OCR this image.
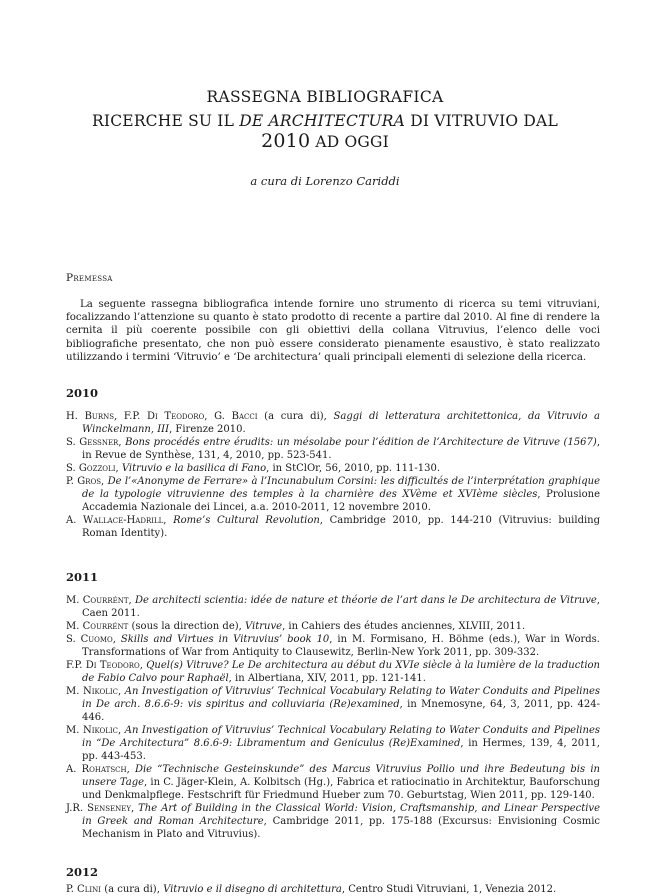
RASSEGNA BIBLIOGRAFICA
RICERCHE SU IL DE ARCHITECTURA DI VITRUVIO DAL 2010 AD OGGI
a cura di Lorenzo Cariddi
Premessa

La seguente rassegna bibliografica intende fornire uno strumento di ricerca su temi vitruviani, focalizzando l’attenzione su quanto è stato prodotto di recente a partire dal 2010. Al fine di rendere la cernita il più coerente possibile con gli obiettivi della collana Vitruvius, l’elenco delle voci bibliografiche presentato, che non può essere considerato pienamente esaustivo, è stato realizzato utilizzando i termini ‘Vitruvio’ e ‘De architectura’ quali principali elementi di selezione della ricerca.

2010
H. Burns, F.P. Di Teodoro, G. Bacci (a cura di), Saggi di letteratura architettonica, da Vitruvio a Winckelmann, III, Firenze 2010.
S. Gessner, Bons procédés entre érudits: un mésolabe pour l’édition de l’Architecture de Vitruve (1567), in Revue de Synthèse, 131, 4, 2010, pp. 523-541.
S. Gozzoli, Vitruvio e la basilica di Fano, in StClOr, 56, 2010, pp. 111-130.
P. Gros, De l’«Anonyme de Ferrare» à l’Incunabulum Corsini: les difficultés de l’interprétation graphique de la typologie vitruvienne des temples à la charnière des XVème et XVIème siècles, Prolusione Accademia Nazionale dei Lincei, a.a. 2010-2011, 12 novembre 2010.
A. Wallace-Hadrill, Rome’s Cultural Revolution, Cambridge 2010, pp. 144-210 (Vitruvius: building Roman Identity).
2011
M. Courrént, De architecti scientia: idée de nature et théorie de l’art dans le De architectura de Vitruve, Caen 2011.
M. Courrént (sous la direction de), Vitruve, in Cahiers des études anciennes, XLVIII, 2011.
S. Cuomo, Skills and Virtues in Vitruvius’ book 10, in M. Formisano, H. Böhme (eds.), War in Words. Transformations of War from Antiquity to Clausewitz, Berlin-New York 2011, pp. 309-332.
F.P. Di Teodoro, Quel(s) Vitruve? Le De architectura au début du XVIe siècle à la lumière de la traduction de Fabio Calvo pour Raphaël, in Albertiana, XIV, 2011, pp. 121-141.
M. Nikolic, An Investigation of Vitruvius’ Technical Vocabulary Relating to Water Conduits and Pipelines in De arch. 8.6.6-9: vis spiritus and colluviaria (Re)examined, in Mnemosyne, 64, 3, 2011, pp. 424-446.
M. Nikolic, An Investigation of Vitruvius’ Technical Vocabulary Relating to Water Conduits and Pipelines in “De Architectura” 8.6.6-9: Libramentum and Geniculus (Re)Examined, in Hermes, 139, 4, 2011, pp. 443-453.
A. Rohatsch, Die “Technische Gesteinskunde” des Marcus Vitruvius Pollio und ihre Bedeutung bis in unsere Tage, in C. Jäger-Klein, A. Kolbitsch (Hg.), Fabrica et ratiocinatio in Architektur, Bauforschung und Denkmalpflege. Festschrift für Friedmund Hueber zum 70. Geburtstag, Wien 2011, pp. 129-140.
J.R. Senseney, The Art of Building in the Classical World: Vision, Craftsmanship, and Linear Perspective in Greek and Roman Architecture, Cambridge 2011, pp. 175-188 (Excursus: Envisioning Cosmic Mechanism in Plato and Vitruvius).
2012
P. Clini (a cura di), Vitruvio e il disegno di architettura, Centro Studi Vitruviani, 1, Venezia 2012.
